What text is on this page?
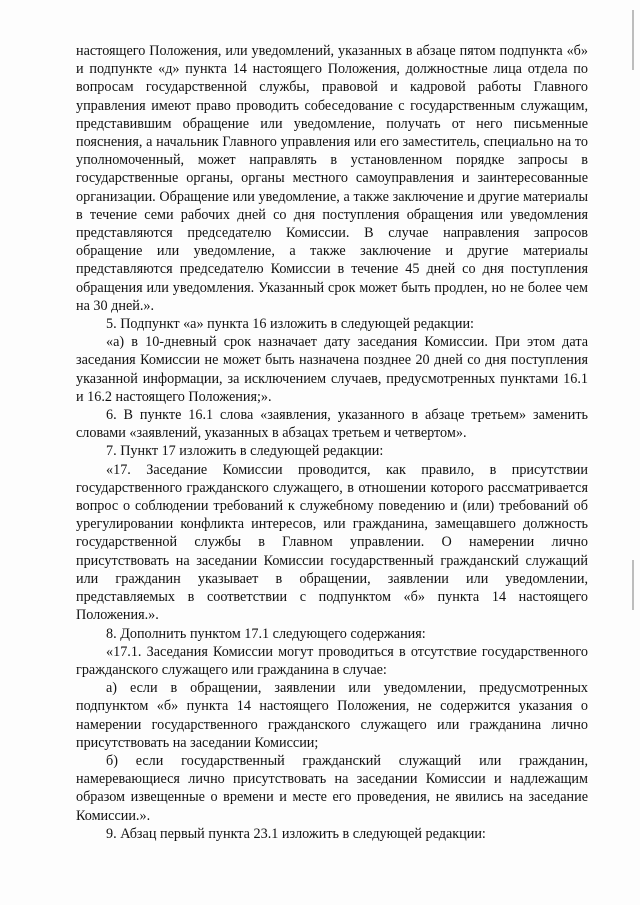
настоящего Положения, или уведомлений, указанных в абзаце пятом подпункта «б» и подпункте «д» пункта 14 настоящего Положения, должностные лица отдела по вопросам государственной службы, правовой и кадровой работы Главного управления имеют право проводить собеседование с государственным служащим, представившим обращение или уведомление, получать от него письменные пояснения, а начальник Главного управления или его заместитель, специально на то уполномоченный, может направлять в установленном порядке запросы в государственные органы, органы местного самоуправления и заинтересованные организации. Обращение или уведомление, а также заключение и другие материалы в течение семи рабочих дней со дня поступления обращения или уведомления представляются председателю Комиссии. В случае направления запросов обращение или уведомление, а также заключение и другие материалы представляются председателю Комиссии в течение 45 дней со дня поступления обращения или уведомления. Указанный срок может быть продлен, но не более чем на 30 дней.».

5. Подпункт «а» пункта 16 изложить в следующей редакции:

«а) в 10-дневный срок назначает дату заседания Комиссии. При этом дата заседания Комиссии не может быть назначена позднее 20 дней со дня поступления указанной информации, за исключением случаев, предусмотренных пунктами 16.1 и 16.2 настоящего Положения;».

6. В пункте 16.1 слова «заявления, указанного в абзаце третьем» заменить словами «заявлений, указанных в абзацах третьем и четвертом».

7. Пункт 17 изложить в следующей редакции:

«17. Заседание Комиссии проводится, как правило, в присутствии государственного гражданского служащего, в отношении которого рассматривается вопрос о соблюдении требований к служебному поведению и (или) требований об урегулировании конфликта интересов, или гражданина, замещавшего должность государственной службы в Главном управлении. О намерении лично присутствовать на заседании Комиссии государственный гражданский служащий или гражданин указывает в обращении, заявлении или уведомлении, представляемых в соответствии с подпунктом «б» пункта 14 настоящего Положения.».

8. Дополнить пунктом 17.1 следующего содержания:

«17.1. Заседания Комиссии могут проводиться в отсутствие государственного гражданского служащего или гражданина в случае:

а) если в обращении, заявлении или уведомлении, предусмотренных подпунктом «б» пункта 14 настоящего Положения, не содержится указания о намерении государственного гражданского служащего или гражданина лично присутствовать на заседании Комиссии;

б) если государственный гражданский служащий или гражданин, намеревающиеся лично присутствовать на заседании Комиссии и надлежащим образом извещенные о времени и месте его проведения, не явились на заседание Комиссии.».

9. Абзац первый пункта 23.1 изложить в следующей редакции:
